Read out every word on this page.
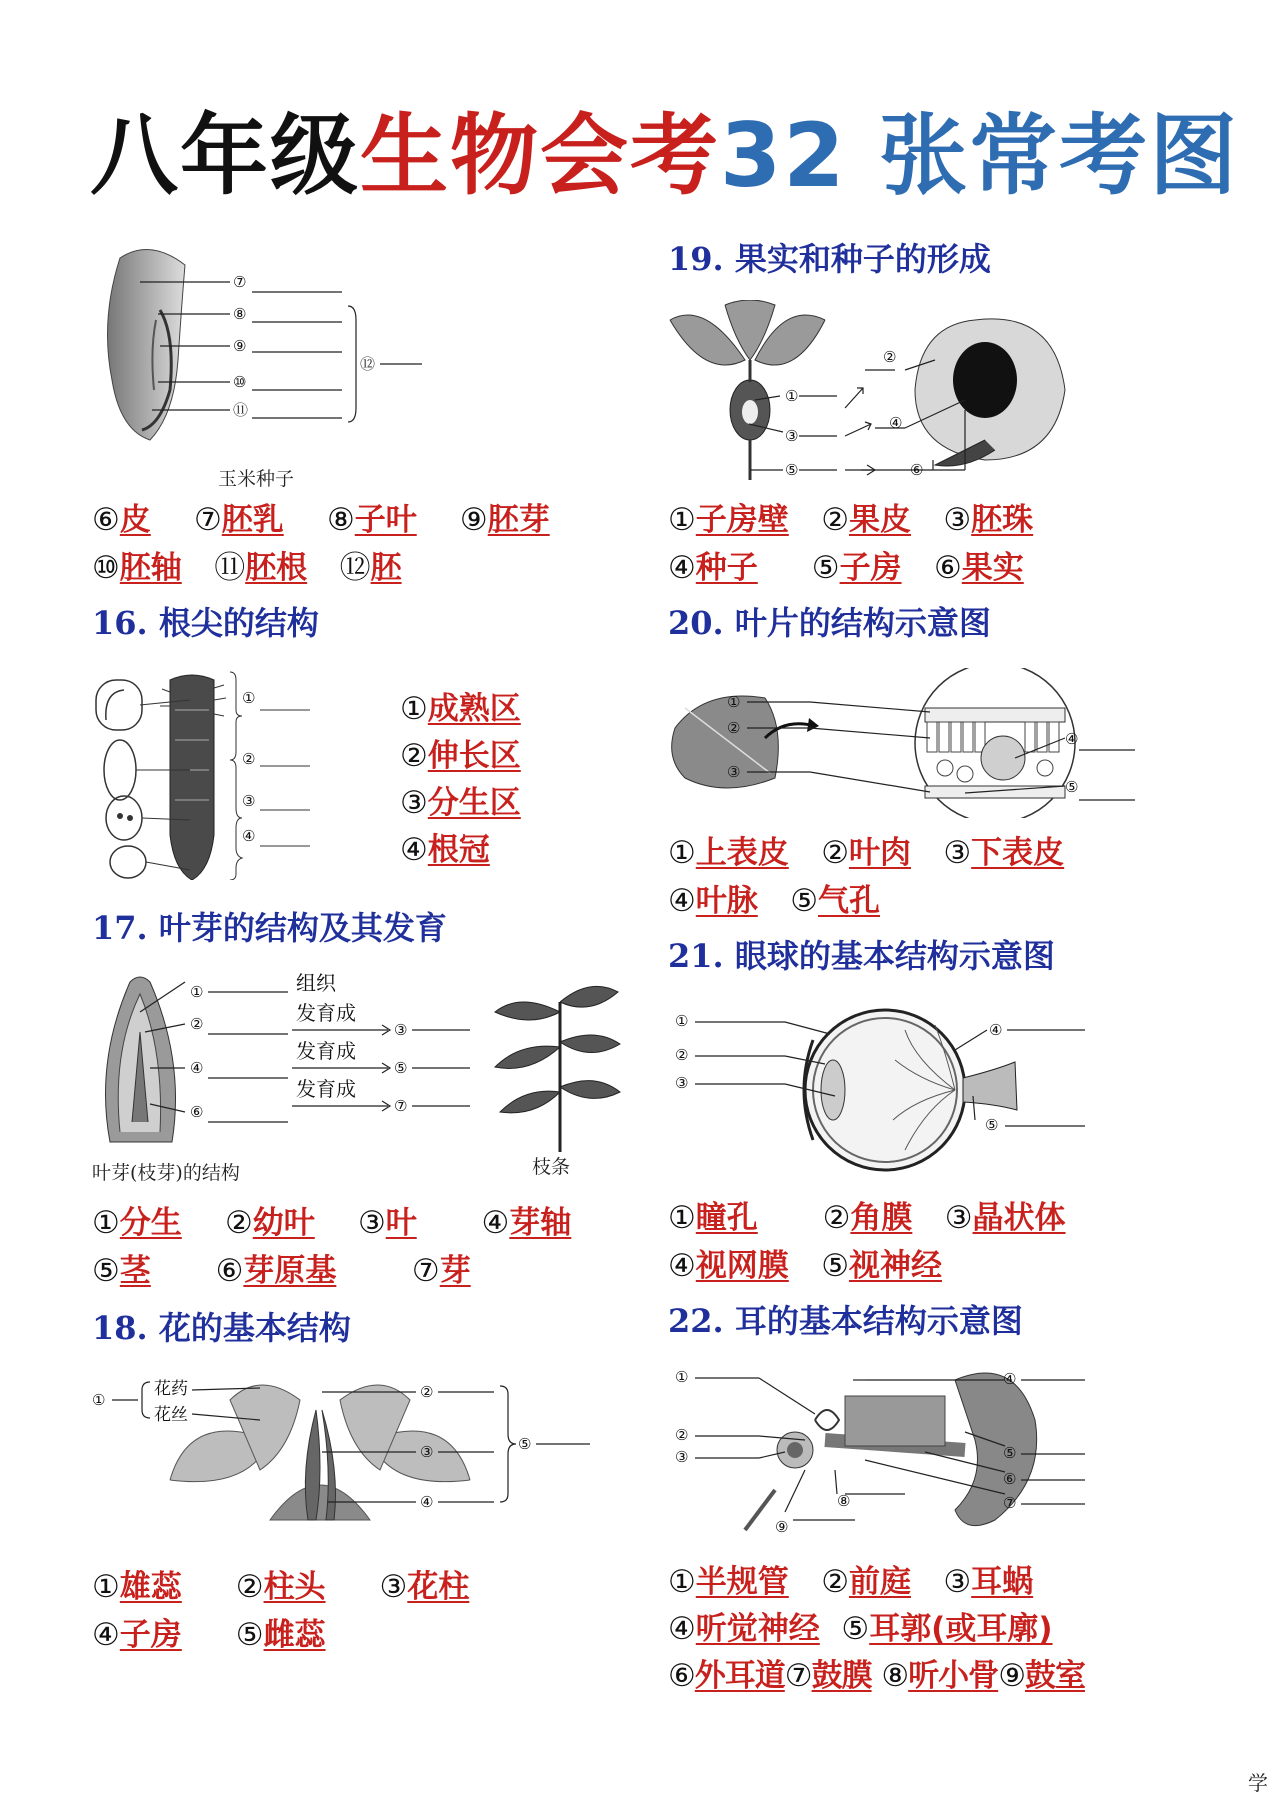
八年级生物会考32 张常考图
⑦
⑧
⑨
⑩
⑪
⑫
玉米种子
⑥皮 ⑦胚乳 ⑧子叶 ⑨胚芽
⑩胚轴 ⑪胚根 ⑫胚
16. 根尖的结构
①
②
③
④
①成熟区
②伸长区
③分生区
④根冠
17. 叶芽的结构及其发育
①
②
④
⑥
③
⑤
⑦
组织
发育成
发育成
发育成
叶芽(枝芽)的结构	枝条
①分生 ②幼叶 ③叶 ④芽轴
⑤茎 ⑥芽原基 ⑦芽
18. 花的基本结构
①	②
③
④
⑤
花药
花丝
①雄蕊 ②柱头 ③花柱
④子房 ⑤雌蕊
19. 果实和种子的形成
①
②
③
④
⑤	⑥
①子房壁 ②果皮 ③胚珠
④种子 ⑤子房 ⑥果实
20. 叶片的结构示意图
①
②
③
④
⑤
①上表皮 ②叶肉 ③下表皮
④叶脉 ⑤气孔
21. 眼球的基本结构示意图
①
②
③
④
⑤
①瞳孔 ②角膜 ③晶状体
④视网膜 ⑤视神经
22. 耳的基本结构示意图
①
②
③
④
⑤
⑥
⑦
⑧
⑨
①半规管 ②前庭 ③耳蜗
④听觉神经 ⑤耳郭(或耳廓)
⑥外耳道⑦鼓膜 ⑧听小骨⑨鼓室
学
